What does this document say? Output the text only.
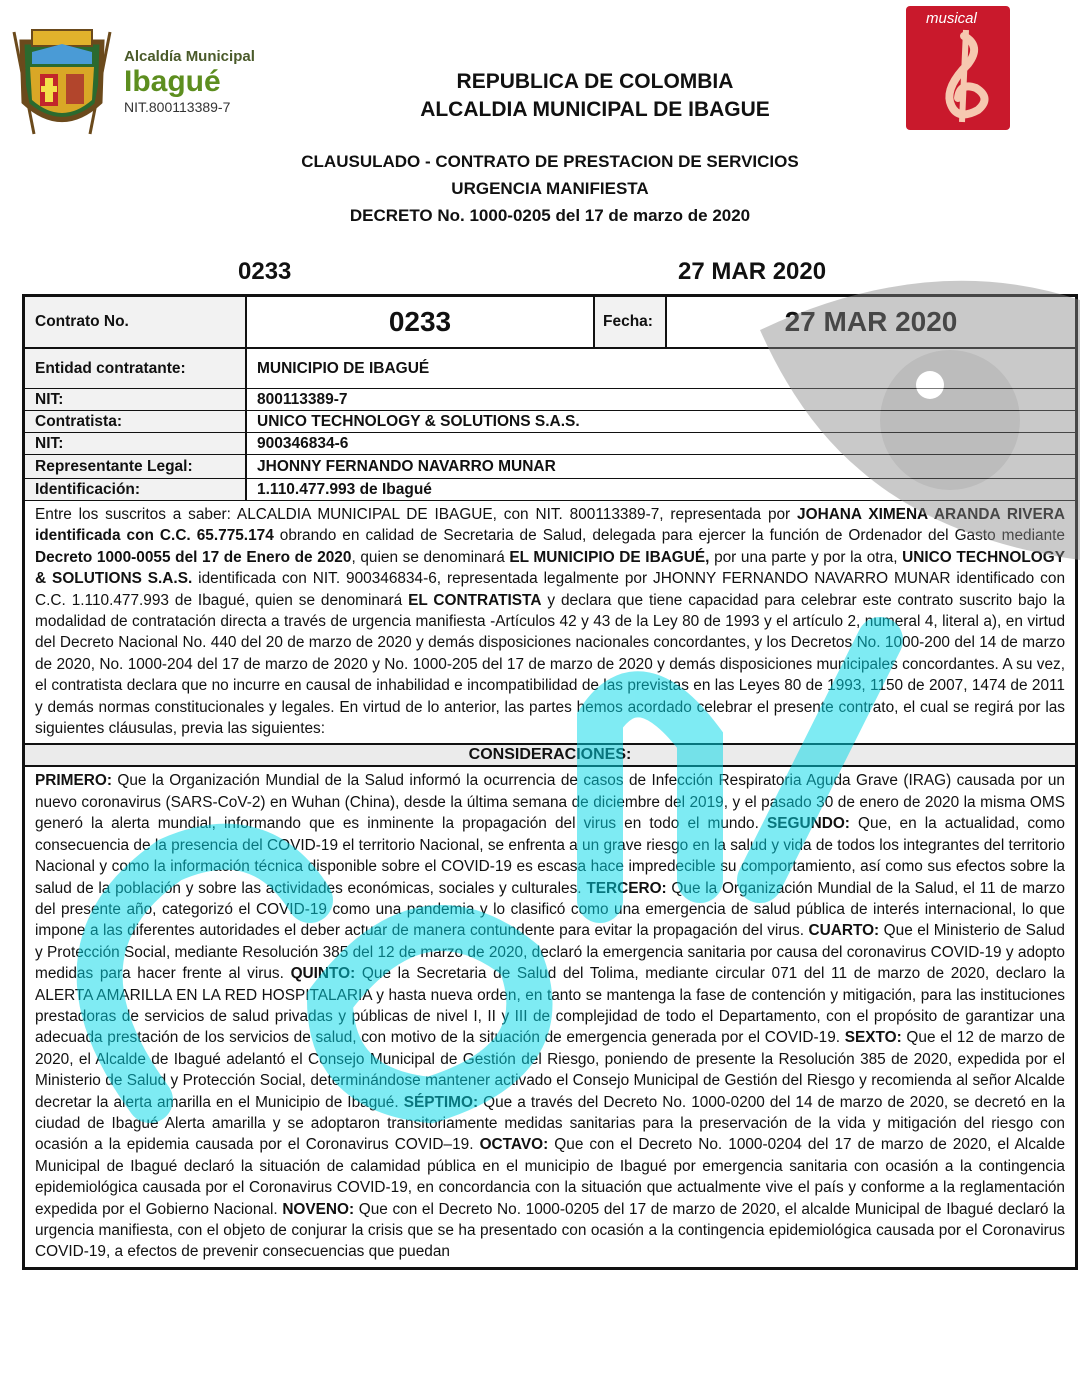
Alcaldía Municipal
Ibagué
NIT.800113389-7
REPUBLICA DE COLOMBIA
ALCALDIA MUNICIPAL DE IBAGUE
musical
CLAUSULADO - CONTRATO DE PRESTACION DE SERVICIOS
URGENCIA MANIFIESTA
DECRETO No. 1000-0205 del 17 de marzo de 2020
0233	27 MAR 2020
Contrato No.	0233	Fecha:	27 MAR 2020
Entidad contratante:	MUNICIPIO DE IBAGUÉ
NIT:	800113389-7
Contratista:	UNICO TECHNOLOGY & SOLUTIONS S.A.S.
NIT:	900346834-6
Representante Legal:	JHONNY FERNANDO NAVARRO MUNAR
Identificación:	1.110.477.993 de Ibagué

Entre los suscritos a saber: ALCALDIA MUNICIPAL DE IBAGUE, con NIT. 800113389-7, representada por JOHANA XIMENA ARANDA RIVERA identificada con C.C. 65.775.174 obrando en calidad de Secretaria de Salud, delegada para ejercer la función de Ordenador del Gasto mediante Decreto 1000-0055 del 17 de Enero de 2020, quien se denominará EL MUNICIPIO DE IBAGUÉ, por una parte y por la otra, UNICO TECHNOLOGY & SOLUTIONS S.A.S. identificada con NIT. 900346834-6, representada legalmente por JHONNY FERNANDO NAVARRO MUNAR identificado con C.C. 1.110.477.993 de Ibagué, quien se denominará EL CONTRATISTA y declara que tiene capacidad para celebrar este contrato suscrito bajo la modalidad de contratación directa a través de urgencia manifiesta -Artículos 42 y 43 de la Ley 80 de 1993 y el artículo 2, numeral 4, literal a), en virtud del Decreto Nacional No. 440 del 20 de marzo de 2020 y demás disposiciones nacionales concordantes, y los Decretos No. 1000-200 del 14 de marzo de 2020, No. 1000-204 del 17 de marzo de 2020 y No. 1000-205 del 17 de marzo de 2020 y demás disposiciones municipales concordantes. A su vez, el contratista declara que no incurre en causal de inhabilidad e incompatibilidad de las previstas en las Leyes 80 de 1993, 1150 de 2007, 1474 de 2011 y demás normas constitucionales y legales. En virtud de lo anterior, las partes hemos acordado celebrar el presente contrato, el cual se regirá por las siguientes cláusulas, previa las siguientes:

CONSIDERACIONES:

PRIMERO: Que la Organización Mundial de la Salud informó la ocurrencia de casos de Infección Respiratoria Aguda Grave (IRAG) causada por un nuevo coronavirus (SARS-CoV-2) en Wuhan (China), desde la última semana de diciembre del 2019, y el pasado 30 de enero de 2020 la misma OMS generó la alerta mundial, informando que es inminente la propagación del virus en todo el mundo. SEGUNDO: Que, en la actualidad, como consecuencia de la presencia del COVID-19 el territorio Nacional, se enfrenta a un grave riesgo en la salud y vida de todos los integrantes del territorio Nacional y como la información técnica disponible sobre el COVID-19 es escasa hace impredecible su comportamiento, así como sus efectos sobre la salud de la población y sobre las actividades económicas, sociales y culturales. TERCERO: Que la Organización Mundial de la Salud, el 11 de marzo del presente año, categorizó el COVID-19 como una pandemia y lo clasificó como una emergencia de salud pública de interés internacional, lo que impone a las diferentes autoridades el deber actuar de manera contundente para evitar la propagación del virus. CUARTO: Que el Ministerio de Salud y Protección Social, mediante Resolución 385 del 12 de marzo de 2020, declaró la emergencia sanitaria por causa del coronavirus COVID-19 y adopto medidas para hacer frente al virus. QUINTO: Que la Secretaria de Salud del Tolima, mediante circular 071 del 11 de marzo de 2020, declaro la ALERTA AMARILLA EN LA RED HOSPITALARIA y hasta nueva orden, en tanto se mantenga la fase de contención y mitigación, para las instituciones prestadoras de servicios de salud privadas y públicas de nivel I, II y III de complejidad de todo el Departamento, con el propósito de garantizar una adecuada prestación de los servicios de salud, con motivo de la situación de emergencia generada por el COVID-19. SEXTO: Que el 12 de marzo de 2020, el Alcalde de Ibagué adelantó el Consejo Municipal de Gestión del Riesgo, poniendo de presente la Resolución 385 de 2020, expedida por el Ministerio de Salud y Protección Social, determinándose mantener activado el Consejo Municipal de Gestión del Riesgo y recomienda al señor Alcalde decretar la alerta amarilla en el Municipio de Ibagué. SÉPTIMO: Que a través del Decreto No. 1000-0200 del 14 de marzo de 2020, se decretó en la ciudad de Ibagué Alerta amarilla y se adoptaron transitoriamente medidas sanitarias para la preservación de la vida y mitigación del riesgo con ocasión a la epidemia causada por el Coronavirus COVID–19. OCTAVO: Que con el Decreto No. 1000-0204 del 17 de marzo de 2020, el Alcalde Municipal de Ibagué declaró la situación de calamidad pública en el municipio de Ibagué por emergencia sanitaria con ocasión a la contingencia epidemiológica causada por el Coronavirus COVID-19, en concordancia con la situación que actualmente vive el país y conforme a la reglamentación expedida por el Gobierno Nacional. NOVENO: Que con el Decreto No. 1000-0205 del 17 de marzo de 2020, el alcalde Municipal de Ibagué declaró la urgencia manifiesta, con el objeto de conjurar la crisis que se ha presentado con ocasión a la contingencia epidemiológica causada por el Coronavirus COVID-19, a efectos de prevenir consecuencias que puedan
